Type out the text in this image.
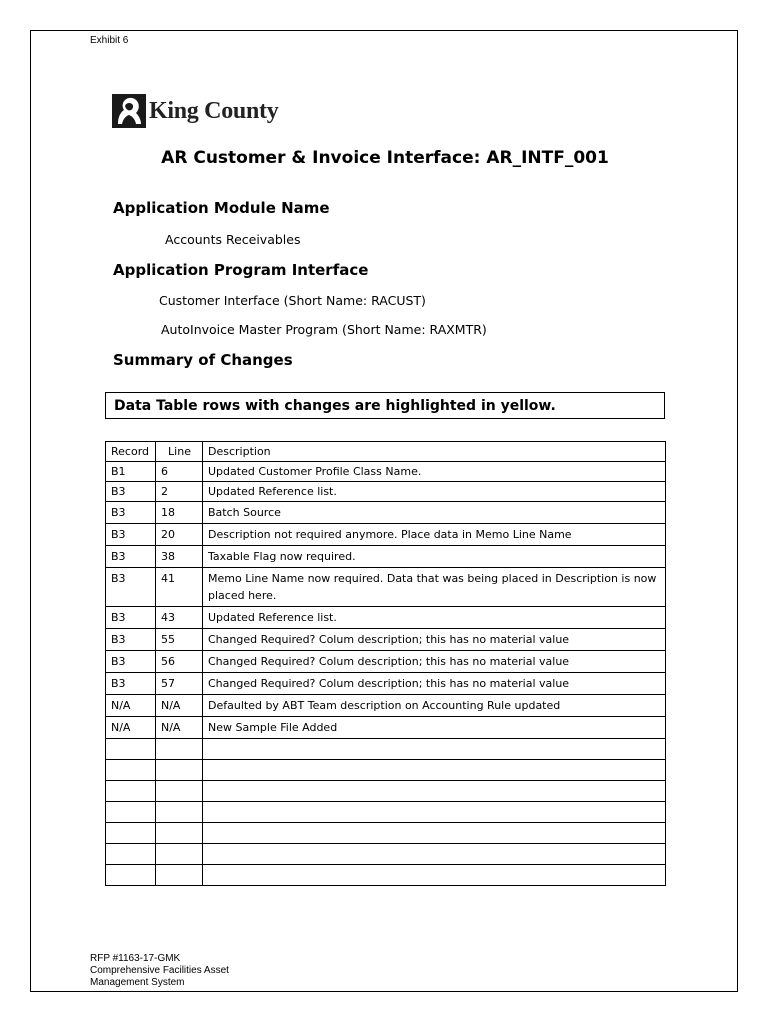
Exhibit 6
King County
AR Customer & Invoice Interface: AR_INTF_001
Application Module Name
Accounts Receivables
Application Program Interface
Customer Interface (Short Name: RACUST)
AutoInvoice Master Program (Short Name: RAXMTR)
Summary of Changes
Data Table rows with changes are highlighted in yellow.
Record	Line	Description
B1	6	Updated Customer Profile Class Name.
B3	2	Updated Reference list.
B3	18	Batch Source
B3	20	Description not required anymore. Place data in Memo Line Name
B3	38	Taxable Flag now required.
B3	41	Memo Line Name now required. Data that was being placed in Description is now placed here.
B3	43	Updated Reference list.
B3	55	Changed Required? Colum description; this has no material value
B3	56	Changed Required? Colum description; this has no material value
B3	57	Changed Required? Colum description; this has no material value
N/A	N/A	Defaulted by ABT Team description on Accounting Rule updated
N/A	N/A	New Sample File Added

RFP #1163-17-GMK
Comprehensive Facilities Asset
Management System
